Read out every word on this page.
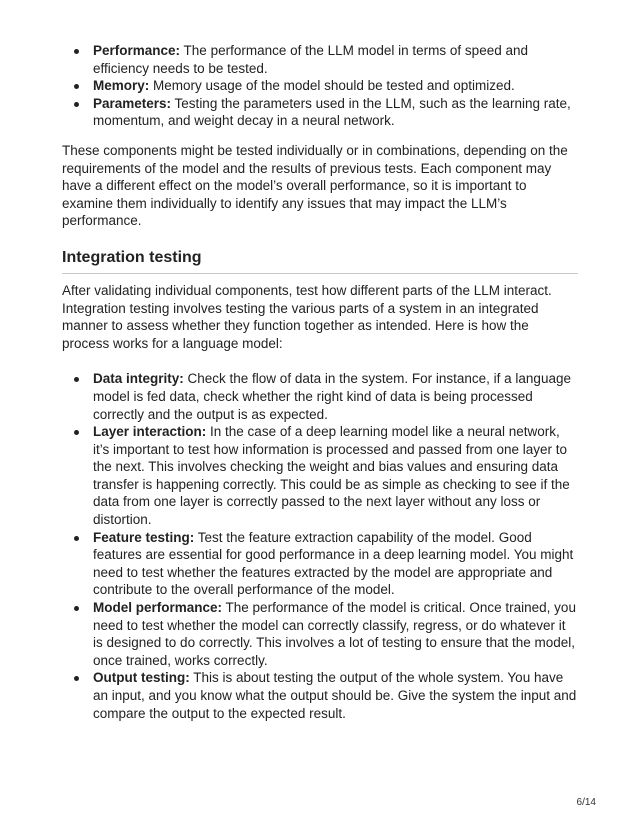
Performance: The performance of the LLM model in terms of speed and efficiency needs to be tested.
Memory: Memory usage of the model should be tested and optimized.
Parameters: Testing the parameters used in the LLM, such as the learning rate, momentum, and weight decay in a neural network.

These components might be tested individually or in combinations, depending on the requirements of the model and the results of previous tests. Each component may have a different effect on the model’s overall performance, so it is important to examine them individually to identify any issues that may impact the LLM’s performance.

Integration testing

After validating individual components, test how different parts of the LLM interact. Integration testing involves testing the various parts of a system in an integrated manner to assess whether they function together as intended. Here is how the process works for a language model:

Data integrity: Check the flow of data in the system. For instance, if a language model is fed data, check whether the right kind of data is being processed correctly and the output is as expected.
Layer interaction: In the case of a deep learning model like a neural network, it’s important to test how information is processed and passed from one layer to the next. This involves checking the weight and bias values and ensuring data transfer is happening correctly. This could be as simple as checking to see if the data from one layer is correctly passed to the next layer without any loss or distortion.
Feature testing: Test the feature extraction capability of the model. Good features are essential for good performance in a deep learning model. You might need to test whether the features extracted by the model are appropriate and contribute to the overall performance of the model.
Model performance: The performance of the model is critical. Once trained, you need to test whether the model can correctly classify, regress, or do whatever it is designed to do correctly. This involves a lot of testing to ensure that the model, once trained, works correctly.
Output testing: This is about testing the output of the whole system. You have an input, and you know what the output should be. Give the system the input and compare the output to the expected result.
6/14
